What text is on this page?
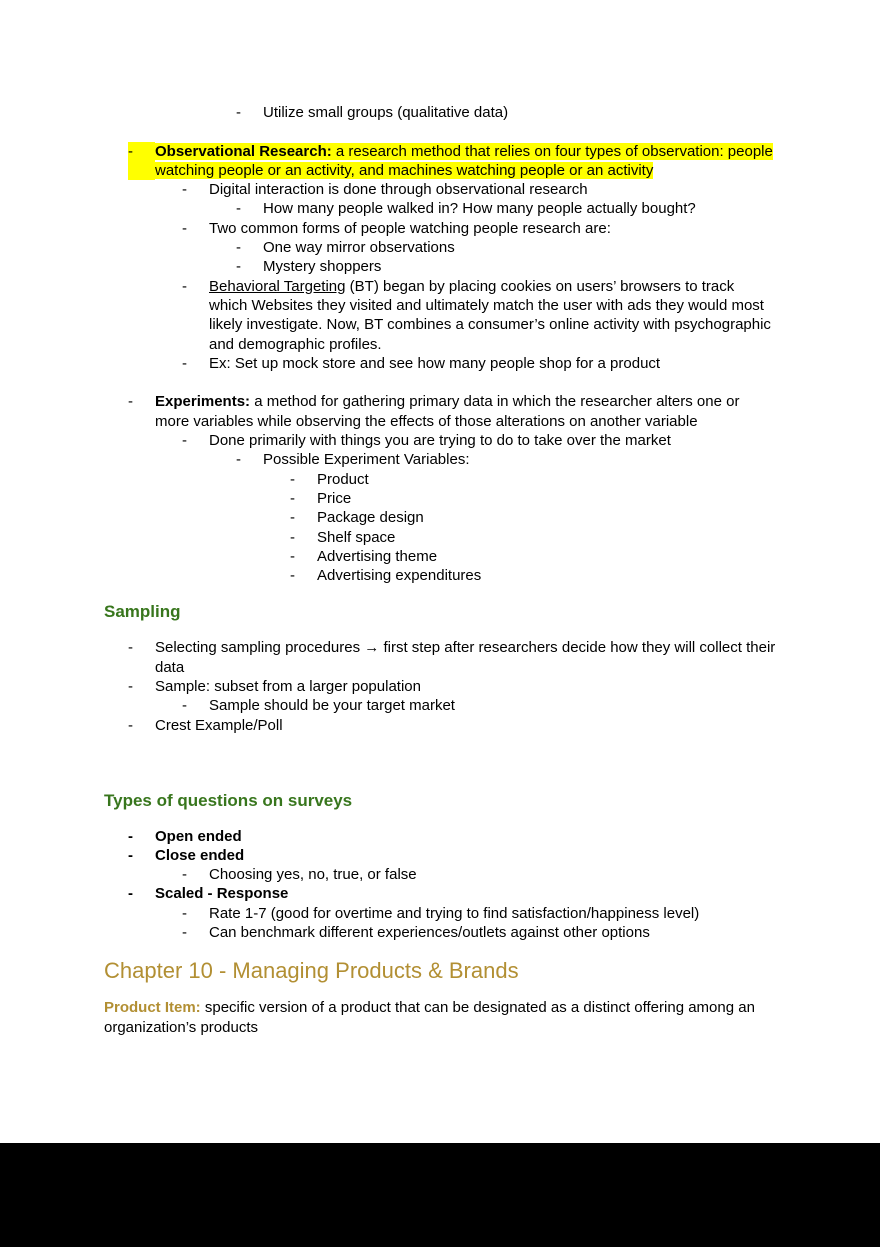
-	Utilize small groups (qualitative data)
-	Observational Research: a research method that relies on four types of observation: people watching people or an activity, and machines watching people or an activity
-	Digital interaction is done through observational research
-	How many people walked in? How many people actually bought?
-	Two common forms of people watching people research are:
-	One way mirror observations
-	Mystery shoppers
-	Behavioral Targeting (BT) began by placing cookies on users’ browsers to track which Websites they visited and ultimately match the user with ads they would most likely investigate. Now, BT combines a consumer’s online activity with psychographic and demographic profiles.
-	Ex: Set up mock store and see how many people shop for a product
-	Experiments: a method for gathering primary data in which the researcher alters one or more variables while observing the effects of those alterations on another variable
-	Done primarily with things you are trying to do to take over the market
-	Possible Experiment Variables:
-	Product
-	Price
-	Package design
-	Shelf space
-	Advertising theme
-	Advertising expenditures
Sampling
-	Selecting sampling procedures → first step after researchers decide how they will collect their data
-	Sample: subset from a larger population
-	Sample should be your target market
-	Crest Example/Poll
Types of questions on surveys
-	Open ended
-	Close ended
-	Choosing yes, no, true, or false
-	Scaled - Response
-	Rate 1-7 (good for overtime and trying to find satisfaction/happiness level)
-	Can benchmark different experiences/outlets against other options
Chapter 10 - Managing Products & Brands
Product Item: specific version of a product that can be designated as a distinct offering among an organization’s products
